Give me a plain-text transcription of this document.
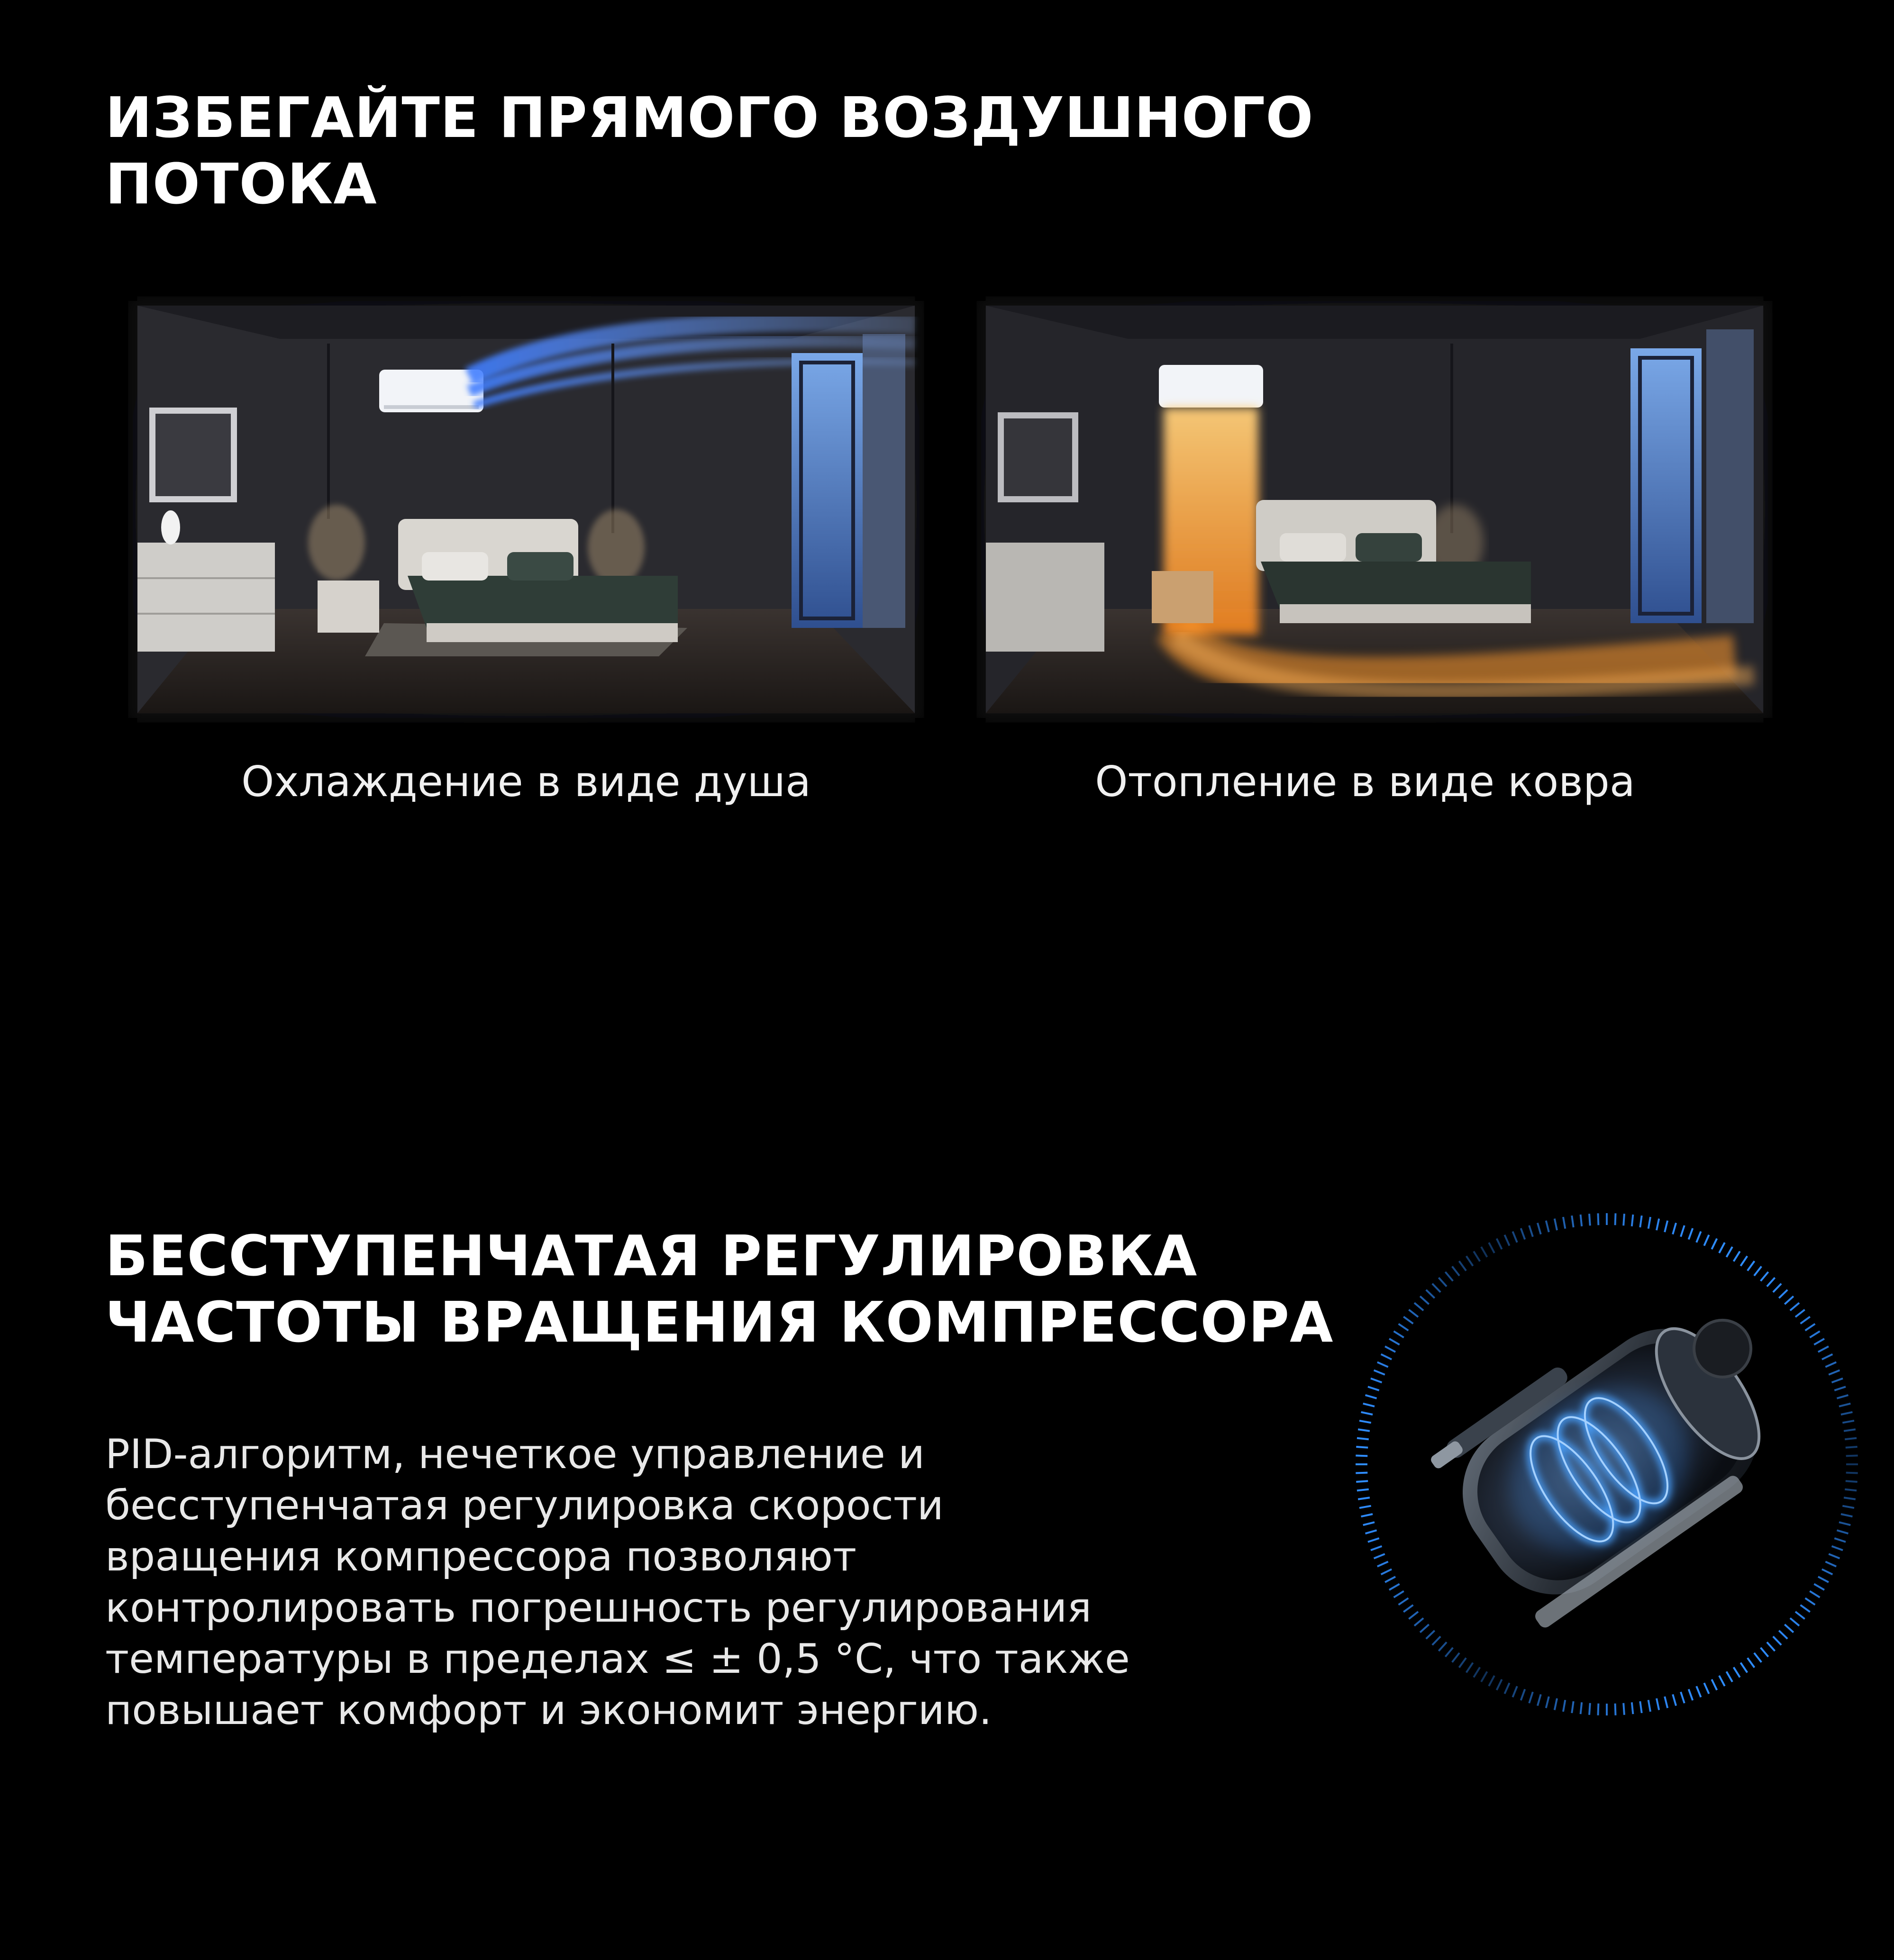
ИЗБЕГАЙТЕ ПРЯМОГО ВОЗДУШНОГО
ПОТОКА
Охлаждение в виде душа	Отопление в виде ковра
БЕССТУПЕНЧАТАЯ РЕГУЛИРОВКА
ЧАСТОТЫ ВРАЩЕНИЯ КОМПРЕССОРА

PID-алгоритм, нечеткое управление и
бесступенчатая регулировка скорости
вращения компрессора позволяют
контролировать погрешность регулирования
температуры в пределах ≤ ± 0,5 °C, что также
повышает комфорт и экономит энергию.
